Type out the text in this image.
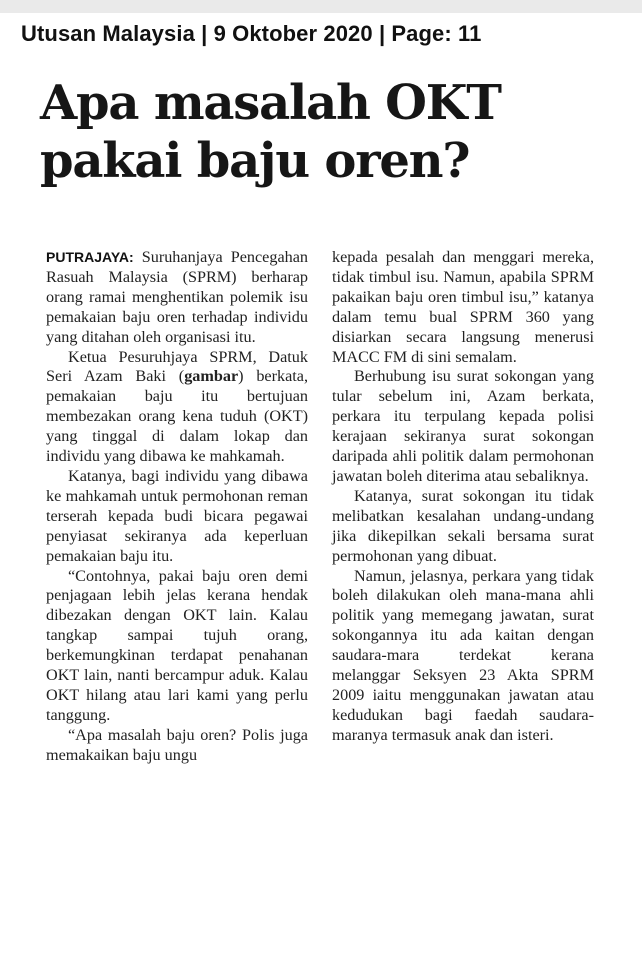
Utusan Malaysia | 9 Oktober 2020 | Page: 11
Apa masalah OKT
pakai baju oren?

PUTRAJAYA: Suruhanjaya Pencegahan Rasuah Malaysia (SPRM) berharap orang ramai menghentikan polemik isu pemakaian baju oren terhadap individu yang ditahan oleh organisasi itu.

Ketua Pesuruhjaya SPRM, Datuk Seri Azam Baki (gambar) berkata, pemakaian baju itu bertujuan membezakan orang kena tuduh (OKT) yang tinggal di dalam lokap dan individu yang dibawa ke mahkamah.

Katanya, bagi individu yang dibawa ke mahkamah untuk permohonan reman terserah kepada budi bicara pegawai penyiasat sekiranya ada keperluan pemakaian baju itu.

“Contohnya, pakai baju oren demi penjagaan lebih jelas kerana hendak dibezakan dengan OKT lain. Kalau tangkap sampai tujuh orang, berkemungkinan terdapat penahanan OKT lain, nanti bercampur aduk. Kalau OKT hilang atau lari kami yang perlu tanggung.

“Apa masalah baju oren? Polis juga memakaikan baju ungu

kepada pesalah dan menggari mereka, tidak timbul isu. Namun, apabila SPRM pakaikan baju oren timbul isu,” katanya dalam temu bual SPRM 360 yang disiarkan secara langsung menerusi MACC FM di sini semalam.

Berhubung isu surat sokongan yang tular sebelum ini, Azam berkata, perkara itu terpulang kepada polisi kerajaan sekiranya surat sokongan daripada ahli politik dalam permohonan jawatan boleh diterima atau sebaliknya.

Katanya, surat sokongan itu tidak melibatkan kesalahan undang-undang jika dikepilkan sekali bersama surat permohonan yang dibuat.

Namun, jelasnya, perkara yang tidak boleh dilakukan oleh mana-mana ahli politik yang memegang jawatan, surat sokongannya itu ada kaitan dengan saudara-mara terdekat kerana melanggar Seksyen 23 Akta SPRM 2009 iaitu menggunakan jawatan atau kedudukan bagi faedah saudara-maranya termasuk anak dan isteri.
